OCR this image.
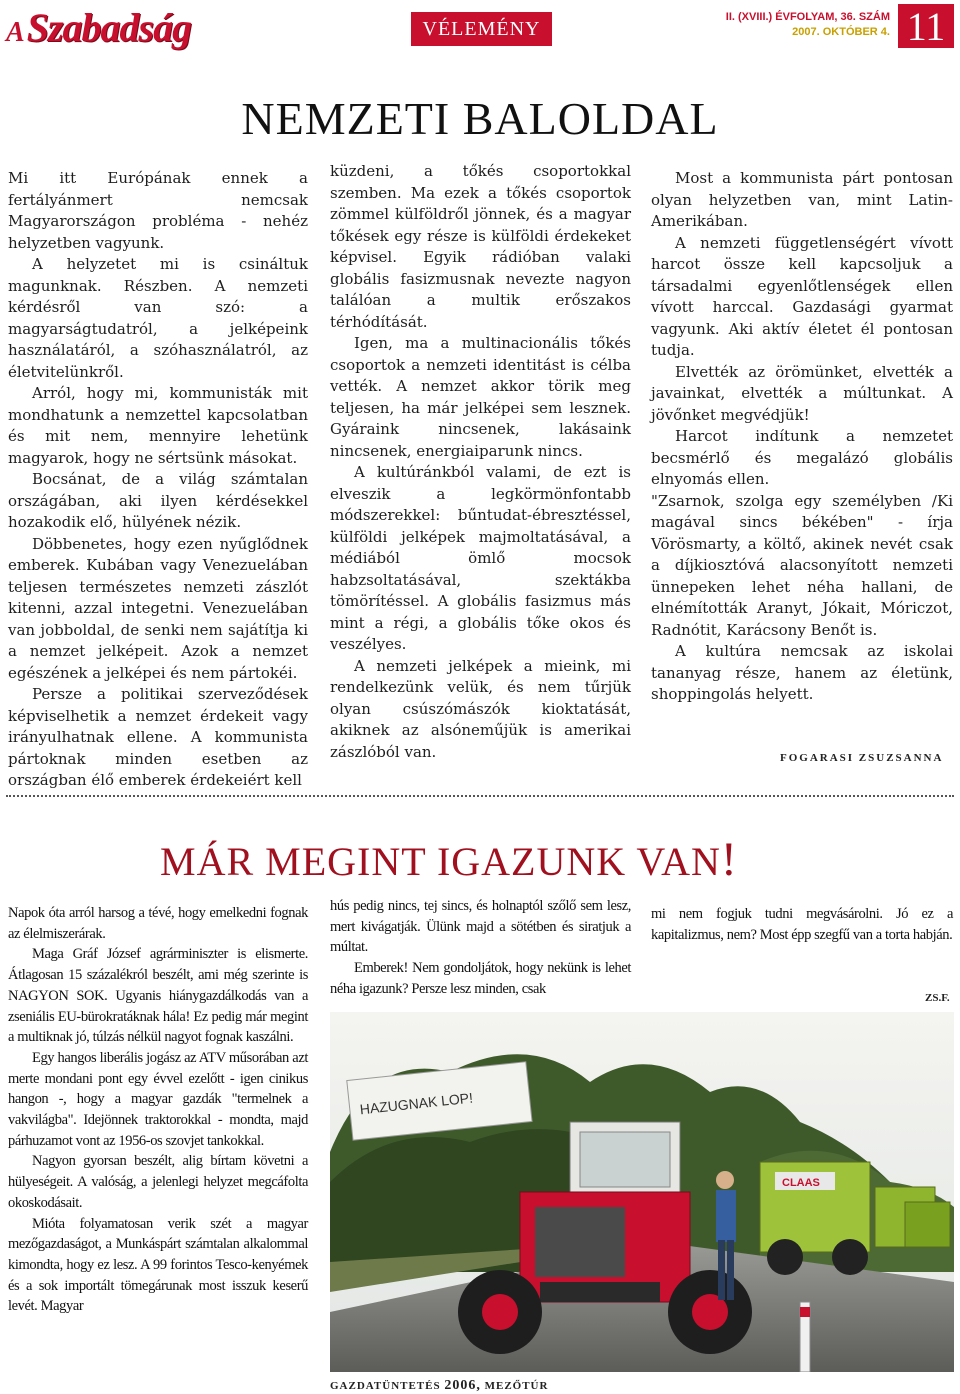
A Szabadság	VÉLEMÉNY
II. (XVIII.) ÉVFOLYAM, 36. SZÁM
2007. OKTÓBER 4. 11
NEMZETI BALOLDAL

Mi itt Európának ennek a fertályánmert nemcsak Magyarországon probléma - nehéz helyzetben vagyunk.

A helyzetet mi is csináltuk magunknak. Részben. A nemzeti kérdésről van szó: a magyarságtudatról, a jelképeink használatáról, a szóhasználatról, az életvitelünkről.

Arról, hogy mi, kommunisták mit mondhatunk a nemzettel kapcsolatban és mit nem, mennyire lehetünk magyarok, hogy ne sértsünk másokat.

Bocsánat, de a világ számtalan országában, aki ilyen kérdésekkel hozakodik elő, hülyének nézik.

Döbbenetes, hogy ezen nyűglődnek emberek. Kubában vagy Venezuelában teljesen természetes nemzeti zászlót kitenni, azzal integetni. Venezuelában van jobboldal, de senki nem sajátítja ki a nemzet jelképeit. Azok a nemzet egészének a jelképei és nem pártokéi.

Persze a politikai szerveződések képviselhetik a nemzet érdekeit vagy irányulhatnak ellene. A kommunista pártoknak minden esetben az országban élő emberek érdekeiért kell

küzdeni, a tőkés csoportokkal szemben. Ma ezek a tőkés csoportok zömmel külföldről jönnek, és a magyar tőkések egy része is külföldi érdekeket képvisel. Egyik rádióban valaki globális fasizmusnak nevezte nagyon találóan a multik erőszakos térhódítását.

Igen, ma a multinacionális tőkés csoportok a nemzeti identitást is célba vették. A nemzet akkor törik meg teljesen, ha már jelképei sem lesznek. Gyáraink nincsenek, lakásaink nincsenek, energiaiparunk nincs.

A kultúránkból valami, de ezt is elveszik a legkörmönfontabb módszerekkel: bűntudat-ébresztéssel, külföldi jelképek majmoltatásával, a médiából ömlő mocsok habzsoltatásával, szektákba tömörítéssel. A globális fasizmus más mint a régi, a globális tőke okos és veszélyes.

A nemzeti jelképek a mieink, mi rendelkezünk velük, és nem tűrjük olyan csúszómászók kioktatását, akiknek az alsóneműjük is amerikai zászlóból van.

Most a kommunista párt pontosan olyan helyzetben van, mint Latin-Amerikában.

A nemzeti függetlenségért vívott harcot össze kell kapcsoljuk a társadalmi egyenlőtlenségek ellen vívott harccal. Gazdasági gyarmat vagyunk. Aki aktív életet él pontosan tudja.

Elvették az örömünket, elvették a javainkat, elvették a múltunkat. A jövőnket megvédjük!

Harcot indítunk a nemzetet becsmérlő és megalázó globális elnyomás ellen.

"Zsarnok, szolga egy személyben /Ki magával sincs békében" - írja Vörösmarty, a költő, akinek nevét csak a díjkiosztóvá alacsonyított nemzeti ünnepeken lehet néha hallani, de elnémították Aranyt, Jókait, Móriczot, Radnótit, Karácsony Benőt is.

A kultúra nemcsak az iskolai tananyag része, hanem az életünk, shoppingolás helyett.

FOGARASI ZSUZSANNA
MÁR MEGINT IGAZUNK VAN!

Napok óta arról harsog a tévé, hogy emelkedni fognak az élelmiszerárak.

Maga Gráf József agrárminiszter is elismerte. Átlagosan 15 százalékról beszélt, ami még szerinte is NAGYON SOK. Ugyanis hiánygazdálkodás van a zseniális EU-bürokratáknak hála! Ez pedig már megint a multiknak jó, túlzás nélkül nagyot fognak kaszálni.

Egy hangos liberális jogász az ATV műsorában azt merte mondani pont egy évvel ezelőtt - igen cinikus hangon -, hogy a magyar gazdák "termelnek a vakvilágba". Idejönnek traktorokkal - mondta, majd párhuzamot vont az 1956-os szovjet tankokkal.

Nagyon gyorsan beszélt, alig bírtam követni a hülyeségeit. A valóság, a jelenlegi helyzet megcáfolta okoskodásait.

Mióta folyamatosan verik szét a magyar mezőgazdaságot, a Munkáspárt számtalan alkalommal kimondta, hogy ez lesz. A 99 forintos Tesco-kenyémek és a sok importált tömegárunak most isszuk keserű levét. Magyar

hús pedig nincs, tej sincs, és holnaptól szőlő sem lesz, mert kivágatják. Ülünk majd a sötétben és siratjuk a múltat.

Emberek! Nem gondoljátok, hogy nekünk is lehet néha igazunk? Persze lesz minden, csak

mi nem fogjuk tudni megvásárolni. Jó ez a kapitalizmus, nem? Most épp szegfű van a torta habján.

ZS.F.
HAZUGNAK LOP!
CLAAS
GAZDATÜNTETÉS 2006, MEZŐTÚR
